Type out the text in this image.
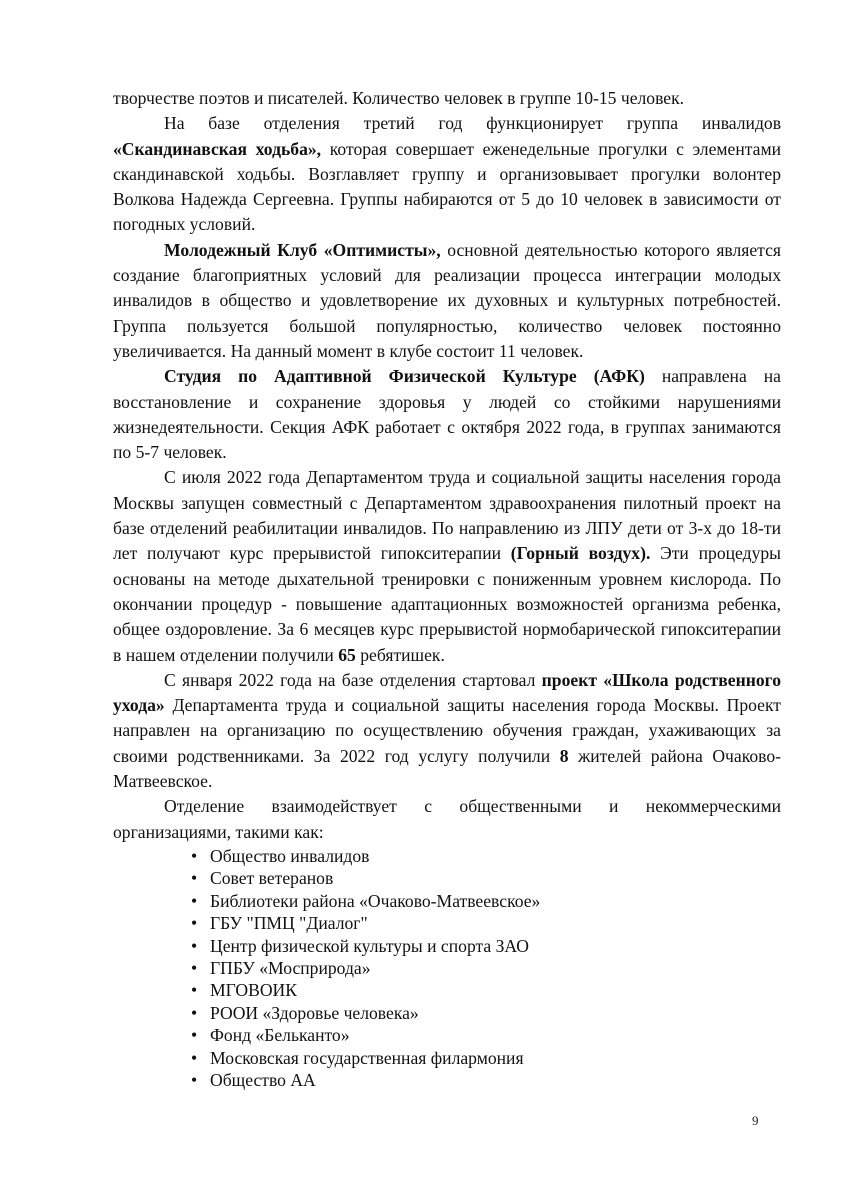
творчестве поэтов и писателей. Количество человек в группе 10-15 человек.

На базе отделения третий год функционирует группа инвалидов «Скандинавская ходьба», которая совершает еженедельные прогулки с элементами скандинавской ходьбы. Возглавляет группу и организовывает прогулки волонтер Волкова Надежда Сергеевна. Группы набираются от 5 до 10 человек в зависимости от погодных условий.

Молодежный Клуб «Оптимисты», основной деятельностью которого является создание благоприятных условий для реализации процесса интеграции молодых инвалидов в общество и удовлетворение их духовных и культурных потребностей. Группа пользуется большой популярностью, количество человек постоянно увеличивается. На данный момент в клубе состоит 11 человек.

Студия по Адаптивной Физической Культуре (АФК) направлена на восстановление и сохранение здоровья у людей со стойкими нарушениями жизнедеятельности. Секция АФК работает с октября 2022 года, в группах занимаются по 5-7 человек.

С июля 2022 года Департаментом труда и социальной защиты населения города Москвы запущен совместный с Департаментом здравоохранения пилотный проект на базе отделений реабилитации инвалидов. По направлению из ЛПУ дети от 3-х до 18-ти лет получают курс прерывистой гипокситерапии (Горный воздух). Эти процедуры основаны на методе дыхательной тренировки с пониженным уровнем кислорода. По окончании процедур - повышение адаптационных возможностей организма ребенка, общее оздоровление. За 6 месяцев курс прерывистой нормобарической гипокситерапии в нашем отделении получили 65 ребятишек.

С января 2022 года на базе отделения стартовал проект «Школа родственного ухода» Департамента труда и социальной защиты населения города Москвы. Проект направлен на организацию по осуществлению обучения граждан, ухаживающих за своими родственниками. За 2022 год услугу получили 8 жителей района Очаково-Матвеевское.

Отделение взаимодействует с общественными и некоммерческими организациями, такими как:

• Общество инвалидов
• Совет ветеранов
• Библиотеки района «Очаково-Матвеевское»
• ГБУ "ПМЦ "Диалог"
• Центр физической культуры и спорта ЗАО
• ГПБУ «Мосприрода»
• МГОВОИК
• РООИ «Здоровье человека»
• Фонд «Бельканто»
• Московская государственная филармония
• Общество АА
9
